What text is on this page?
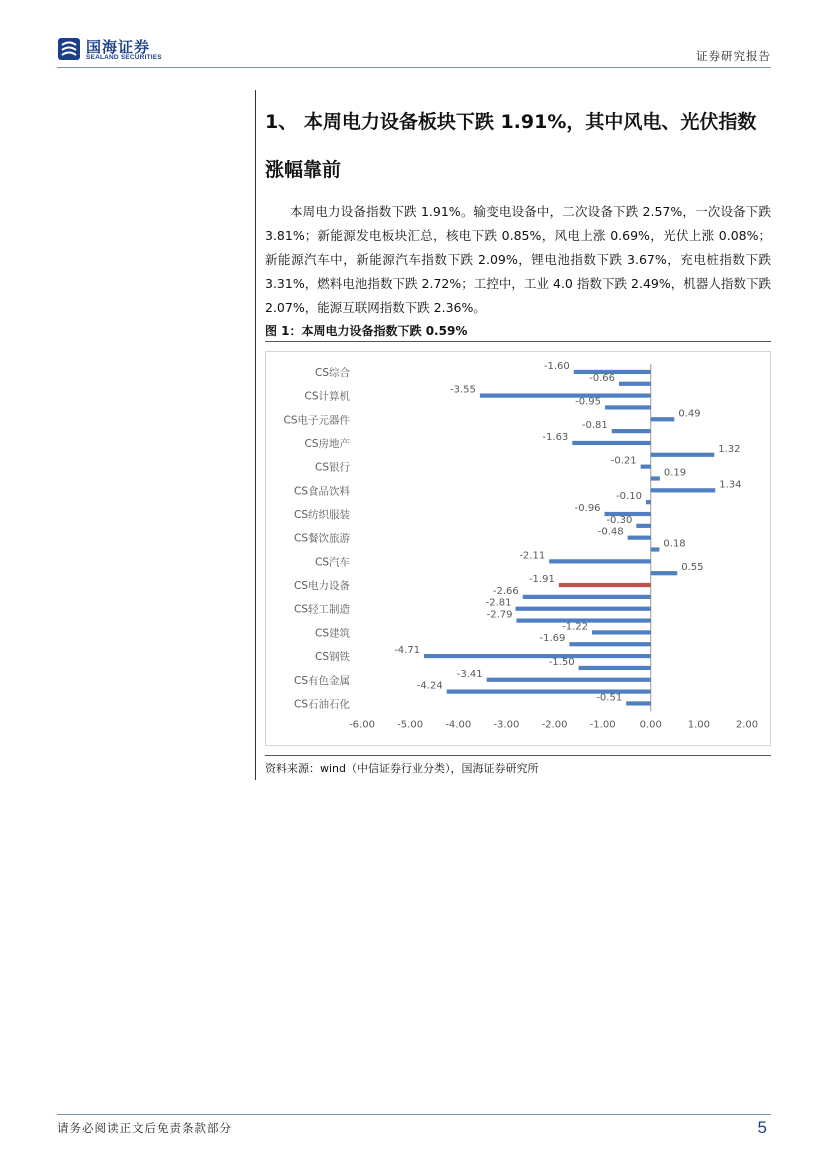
国海证券
SEALAND SECURITIES	证券研究报告
1、 本周电力设备板块下跌 1.91%，其中风电、光伏指数涨幅靠前

本周电力设备指数下跌 1.91%。输变电设备中，二次设备下跌 2.57%，一次设备下跌 3.81%；新能源发电板块汇总，核电下跌 0.85%，风电上涨 0.69%，光伏上涨 0.08%；新能源汽车中，新能源汽车指数下跌 2.09%，锂电池指数下跌 3.67%，充电桩指数下跌 3.31%，燃料电池指数下跌 2.72%；工控中，工业 4.0 指数下跌 2.49%，机器人指数下跌 2.07%，能源互联网指数下跌 2.36%。

图 1：本周电力设备指数下跌 0.59%
-1.60
-0.66
-3.55
-0.95
0.49
-0.81
-1.63
1.32
-0.21
0.19
1.34
-0.10
-0.96
-0.30
-0.48
0.18
-2.11
0.55
-1.91
-2.66
-2.81
-2.79
-1.22
-1.69
-4.71
-1.50
-3.41
-4.24
-0.51
CS综合
CS计算机
CS电子元器件
CS房地产
CS银行
CS食品饮料
CS纺织服装
CS餐饮旅游
CS汽车
CS电力设备
CS轻工制造
CS建筑
CS钢铁
CS有色金属
CS石油石化
-6.00 -5.00 -4.00 -3.00 -2.00 -1.00 0.00	1.00	2.00
资料来源：wind（中信证券行业分类），国海证券研究所
请务必阅读正文后免责条款部分	5
